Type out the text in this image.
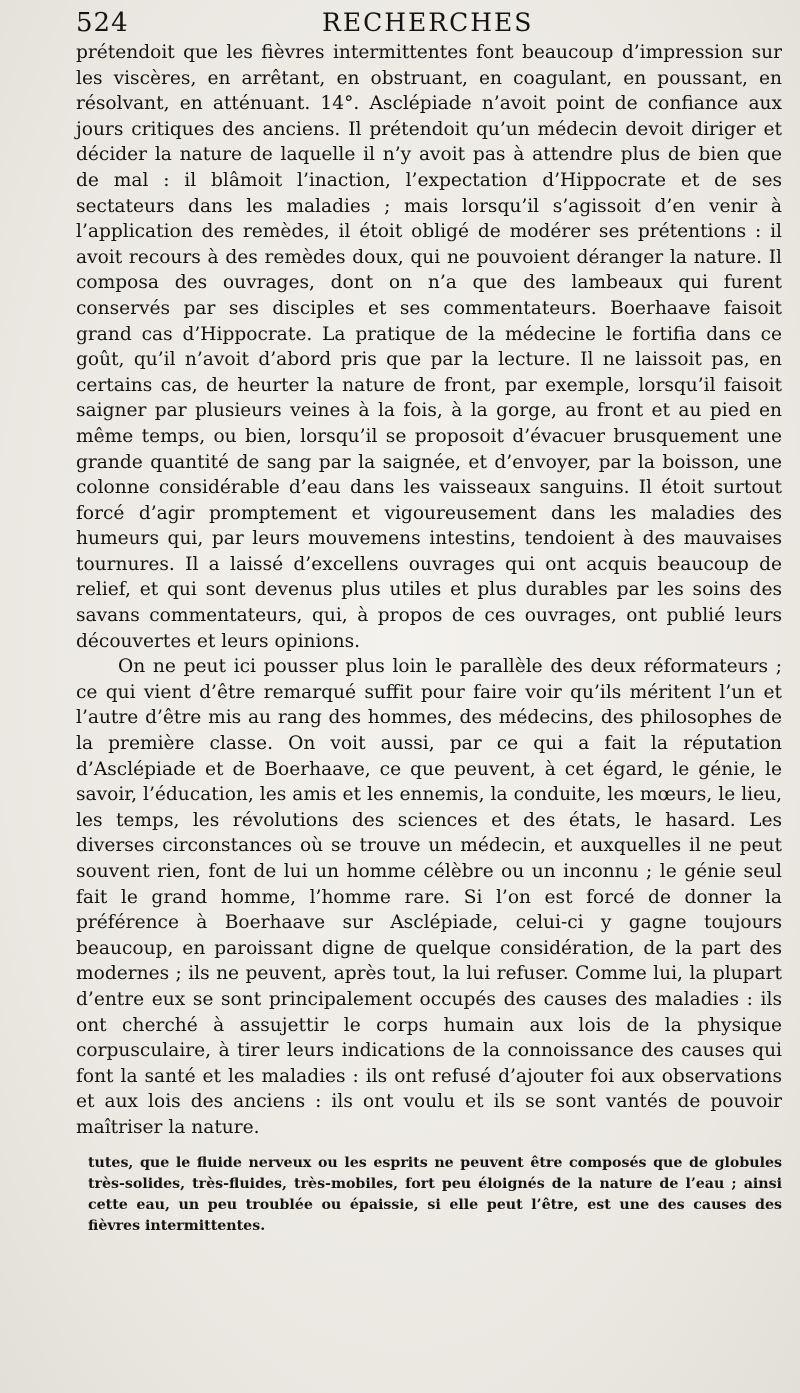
524	RECHERCHES

prétendoit que les fièvres intermittentes font beaucoup d’impression sur les viscères, en arrêtant, en obstruant, en coagulant, en poussant, en résolvant, en atténuant. 14°. Asclépiade n’avoit point de confiance aux jours critiques des anciens. Il prétendoit qu’un médecin devoit diriger et décider la nature de laquelle il n’y avoit pas à attendre plus de bien que de mal : il blâmoit l’inaction, l’expectation d’Hippocrate et de ses sectateurs dans les maladies ; mais lorsqu’il s’agissoit d’en venir à l’application des remèdes, il étoit obligé de modérer ses prétentions : il avoit recours à des remèdes doux, qui ne pouvoient déranger la nature. Il composa des ouvrages, dont on n’a que des lambeaux qui furent conservés par ses disciples et ses commentateurs. Boerhaave faisoit grand cas d’Hippocrate. La pratique de la médecine le fortifia dans ce goût, qu’il n’avoit d’abord pris que par la lecture. Il ne laissoit pas, en certains cas, de heurter la nature de front, par exemple, lorsqu’il faisoit saigner par plusieurs veines à la fois, à la gorge, au front et au pied en même temps, ou bien, lorsqu’il se proposoit d’évacuer brusquement une grande quantité de sang par la saignée, et d’envoyer, par la boisson, une colonne considérable d’eau dans les vaisseaux sanguins. Il étoit surtout forcé d’agir promptement et vigoureusement dans les maladies des humeurs qui, par leurs mouvemens intestins, tendoient à des mauvaises tournures. Il a laissé d’excellens ouvrages qui ont acquis beaucoup de relief, et qui sont devenus plus utiles et plus durables par les soins des savans commentateurs, qui, à propos de ces ouvrages, ont publié leurs découvertes et leurs opinions.

On ne peut ici pousser plus loin le parallèle des deux réformateurs ; ce qui vient d’être remarqué suffit pour faire voir qu’ils méritent l’un et l’autre d’être mis au rang des hommes, des médecins, des philosophes de la première classe. On voit aussi, par ce qui a fait la réputation d’Asclépiade et de Boerhaave, ce que peuvent, à cet égard, le génie, le savoir, l’éducation, les amis et les ennemis, la conduite, les mœurs, le lieu, les temps, les révolutions des sciences et des états, le hasard. Les diverses circonstances où se trouve un médecin, et auxquelles il ne peut souvent rien, font de lui un homme célèbre ou un inconnu ; le génie seul fait le grand homme, l’homme rare. Si l’on est forcé de donner la préférence à Boerhaave sur Asclépiade, celui-ci y gagne toujours beaucoup, en paroissant digne de quelque considération, de la part des modernes ; ils ne peuvent, après tout, la lui refuser. Comme lui, la plupart d’entre eux se sont principalement occupés des causes des maladies : ils ont cherché à assujettir le corps humain aux lois de la physique corpusculaire, à tirer leurs indications de la connoissance des causes qui font la santé et les maladies : ils ont refusé d’ajouter foi aux observations et aux lois des anciens : ils ont voulu et ils se sont vantés de pouvoir maîtriser la nature.

tutes, que le fluide nerveux ou les esprits ne peuvent être composés que de globules très-solides, très-fluides, très-mobiles, fort peu éloignés de la nature de l’eau ; ainsi cette eau, un peu troublée ou épaissie, si elle peut l’être, est une des causes des fièvres intermittentes.
